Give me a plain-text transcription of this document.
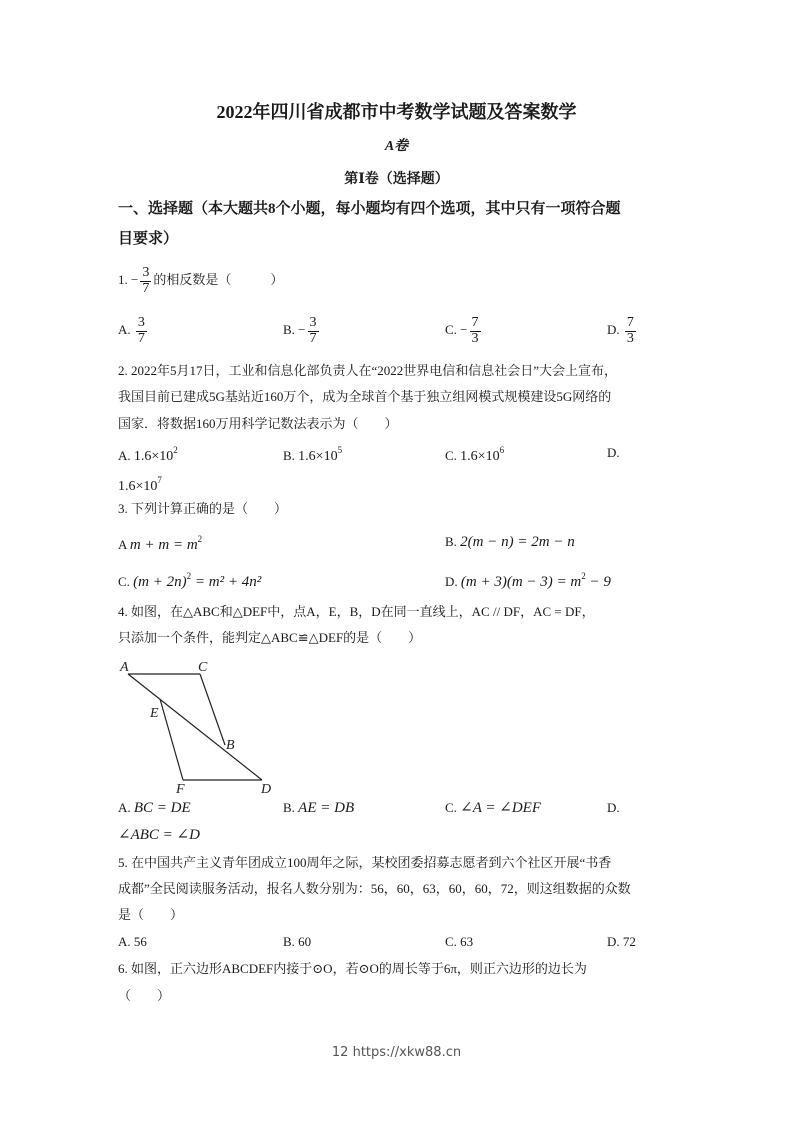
2022年四川省成都市中考数学试题及答案数学
A卷
第Ⅰ卷（选择题）
一、选择题（本大题共8个小题，每小题均有四个选项，其中只有一项符合题
目要求）
1. − $\frac{3}{7}$ 的相反数是（　　　）
A. $\frac{3}{7}$	B. − $\frac{3}{7}$	C. − $\frac{7}{3}$	D. $\frac{7}{3}$
2. 2022年5月17日，工业和信息化部负责人在“2022世界电信和信息社会日”大会上宣布，
我国目前已建成5G基站近160万个，成为全球首个基于独立组网模式规模建设5G网络的
国家．将数据160万用科学记数法表示为（　　）
A. $1.6\times 10^2$	B. $1.6\times 10^5$	C. $1.6\times 10^6$	D.
$1.6\times 10^7$
3. 下列计算正确的是（　　）
A $m + m = m^2$	B. 2(m − n) = 2m − n
C. $(m + 2n)^2 = m^2 + 4n^2$	D. $(m + 3)(m - 3) = m^2 - 9$
4. 如图，在△ABC和△DEF中，点A，E，B，D在同一直线上，AC // DF，AC = DF，
只添加一个条件，能判定△ABC≌△DEF的是（　　）
A	C
E
B
F	D
A. BC = DE	B. AE = DB	C. ∠A = ∠DEF	D.
∠ABC = ∠D
5. 在中国共产主义青年团成立100周年之际，某校团委招募志愿者到六个社区开展“书香
成都”全民阅读服务活动，报名人数分别为：56，60，63，60，60，72，则这组数据的众数
是（　　）
A. 56	B. 60	C. 63	D. 72
6. 如图，正六边形ABCDEF内接于⊙O，若⊙O的周长等于6π，则正六边形的边长为
（　　）
12 https://xkw88.cn
